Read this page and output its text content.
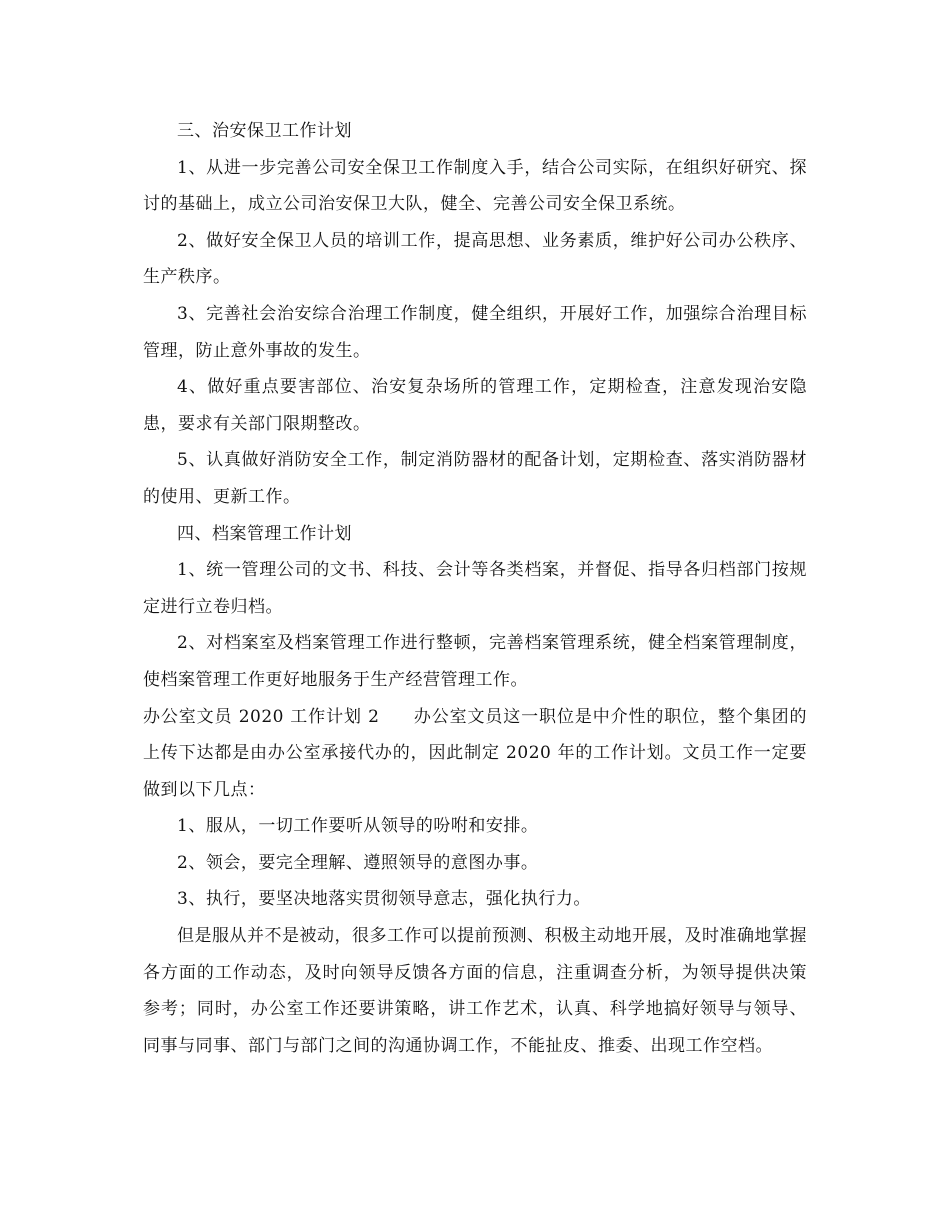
三、治安保卫工作计划

1、从进一步完善公司安全保卫工作制度入手，结合公司实际，在组织好研究、探讨的基础上，成立公司治安保卫大队，健全、完善公司安全保卫系统。

2、做好安全保卫人员的培训工作，提高思想、业务素质，维护好公司办公秩序、生产秩序。

3、完善社会治安综合治理工作制度，健全组织，开展好工作，加强综合治理目标管理，防止意外事故的发生。

4、做好重点要害部位、治安复杂场所的管理工作，定期检查，注意发现治安隐患，要求有关部门限期整改。

5、认真做好消防安全工作，制定消防器材的配备计划，定期检查、落实消防器材的使用、更新工作。

四、档案管理工作计划

1、统一管理公司的文书、科技、会计等各类档案，并督促、指导各归档部门按规定进行立卷归档。

2、对档案室及档案管理工作进行整顿，完善档案管理系统，健全档案管理制度，使档案管理工作更好地服务于生产经营管理工作。

办公室文员 2020 工作计划 2 办公室文员这一职位是中介性的职位，整个集团的上传下达都是由办公室承接代办的，因此制定 2020 年的工作计划。文员工作一定要做到以下几点：

1、服从，一切工作要听从领导的吩咐和安排。

2、领会，要完全理解、遵照领导的意图办事。

3、执行，要坚决地落实贯彻领导意志，强化执行力。

但是服从并不是被动，很多工作可以提前预测、积极主动地开展，及时准确地掌握各方面的工作动态，及时向领导反馈各方面的信息，注重调查分析，为领导提供决策参考；同时，办公室工作还要讲策略，讲工作艺术，认真、科学地搞好领导与领导、同事与同事、部门与部门之间的沟通协调工作，不能扯皮、推委、出现工作空档。
